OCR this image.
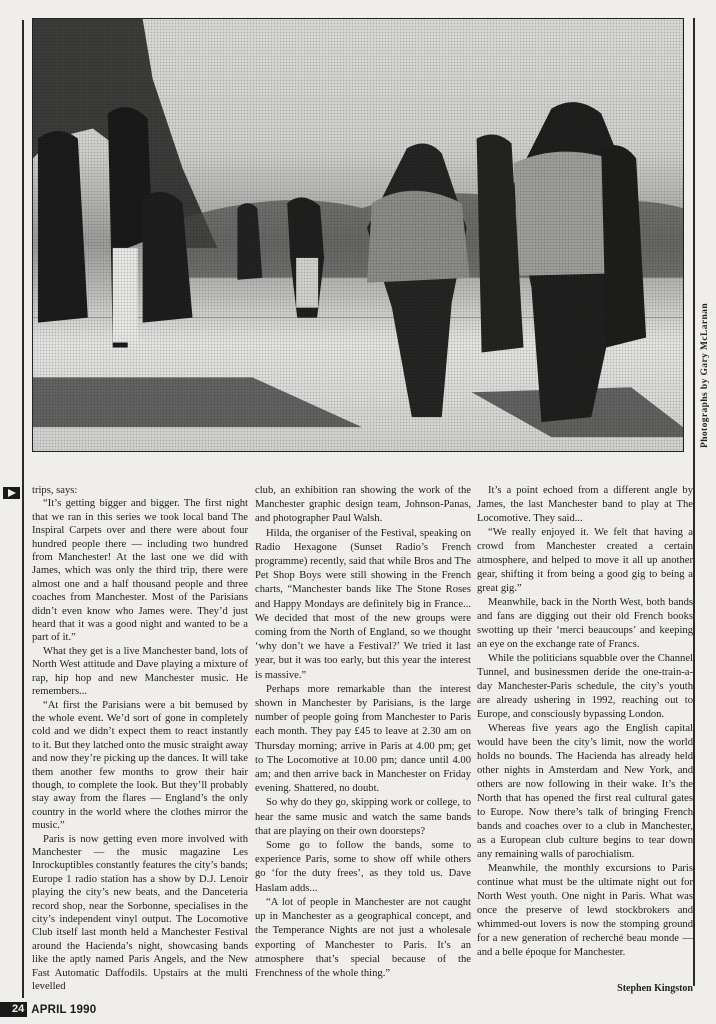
Photographs by Gary McLarnan

trips, says:

“It’s getting bigger and bigger. The first night that we ran in this series we took local band The Inspiral Carpets over and there were about four hundred people there — including two hundred from Manchester! At the last one we did with James, which was only the third trip, there were almost one and a half thousand people and three coaches from Manchester. Most of the Parisians didn’t even know who James were. They’d just heard that it was a good night and wanted to be a part of it.”

What they get is a live Manchester band, lots of North West attitude and Dave playing a mixture of rap, hip hop and new Manchester music. He remembers...

“At first the Parisians were a bit bemused by the whole event. We’d sort of gone in completely cold and we didn’t expect them to react instantly to it. But they latched onto the music straight away and now they’re picking up the dances. It will take them another few months to grow their hair though, to complete the look. But they’ll probably stay away from the flares — England’s the only country in the world where the clothes mirror the music.”

Paris is now getting even more involved with Manchester — the music magazine Les Inrockuptibles constantly features the city’s bands; Europe 1 radio station has a show by D.J. Lenoir playing the city’s new beats, and the Danceteria record shop, near the Sorbonne, specialises in the city’s independent vinyl output. The Locomotive Club itself last month held a Manchester Festival around the Hacienda’s night, showcasing bands like the aptly named Paris Angels, and the New Fast Automatic Daffodils. Upstairs at the multi levelled

club, an exhibition ran showing the work of the Manchester graphic design team, Johnson-Panas, and photographer Paul Walsh.

Hilda, the organiser of the Festival, speaking on Radio Hexagone (Sunset Radio’s French programme) recently, said that while Bros and The Pet Shop Boys were still showing in the French charts, “Manchester bands like The Stone Roses and Happy Mondays are definitely big in France... We decided that most of the new groups were coming from the North of England, so we thought ‘why don’t we have a Festival?’ We tried it last year, but it was too early, but this year the interest is massive.”

Perhaps more remarkable than the interest shown in Manchester by Parisians, is the large number of people going from Manchester to Paris each month. They pay £45 to leave at 2.30 am on Thursday morning; arrive in Paris at 4.00 pm; get to The Locomotive at 10.00 pm; dance until 4.00 am; and then arrive back in Manchester on Friday evening. Shattered, no doubt.

So why do they go, skipping work or college, to hear the same music and watch the same bands that are playing on their own doorsteps?

Some go to follow the bands, some to experience Paris, some to show off while others go ‘for the duty frees’, as they told us. Dave Haslam adds...

“A lot of people in Manchester are not caught up in Manchester as a geographical concept, and the Temperance Nights are not just a wholesale exporting of Manchester to Paris. It’s an atmosphere that’s special because of the Frenchness of the whole thing.”

It’s a point echoed from a different angle by James, the last Manchester band to play at The Locomotive. They said...

“We really enjoyed it. We felt that having a crowd from Manchester created a certain atmosphere, and helped to move it all up another gear, shifting it from being a good gig to being a great gig.”

Meanwhile, back in the North West, both bands and fans are digging out their old French books swotting up their ‘merci beaucoups’ and keeping an eye on the exchange rate of Francs.

While the politicians squabble over the Channel Tunnel, and businessmen deride the one-train-a-day Manchester-Paris schedule, the city’s youth are already ushering in 1992, reaching out to Europe, and consciously bypassing London.

Whereas five years ago the English capital would have been the city’s limit, now the world holds no bounds. The Hacienda has already held other nights in Amsterdam and New York, and others are now following in their wake. It’s the North that has opened the first real cultural gates to Europe. Now there’s talk of bringing French bands and coaches over to a club in Manchester, as a European club culture begins to tear down any remaining walls of parochialism.

Meanwhile, the monthly excursions to Paris continue what must be the ultimate night out for North West youth. One night in Paris. What was once the preserve of lewd stockbrokers and whimmed-out lovers is now the stomping ground for a new generation of recherché beau monde — and a belle époque for Manchester.

Stephen Kingston
24 APRIL 1990
